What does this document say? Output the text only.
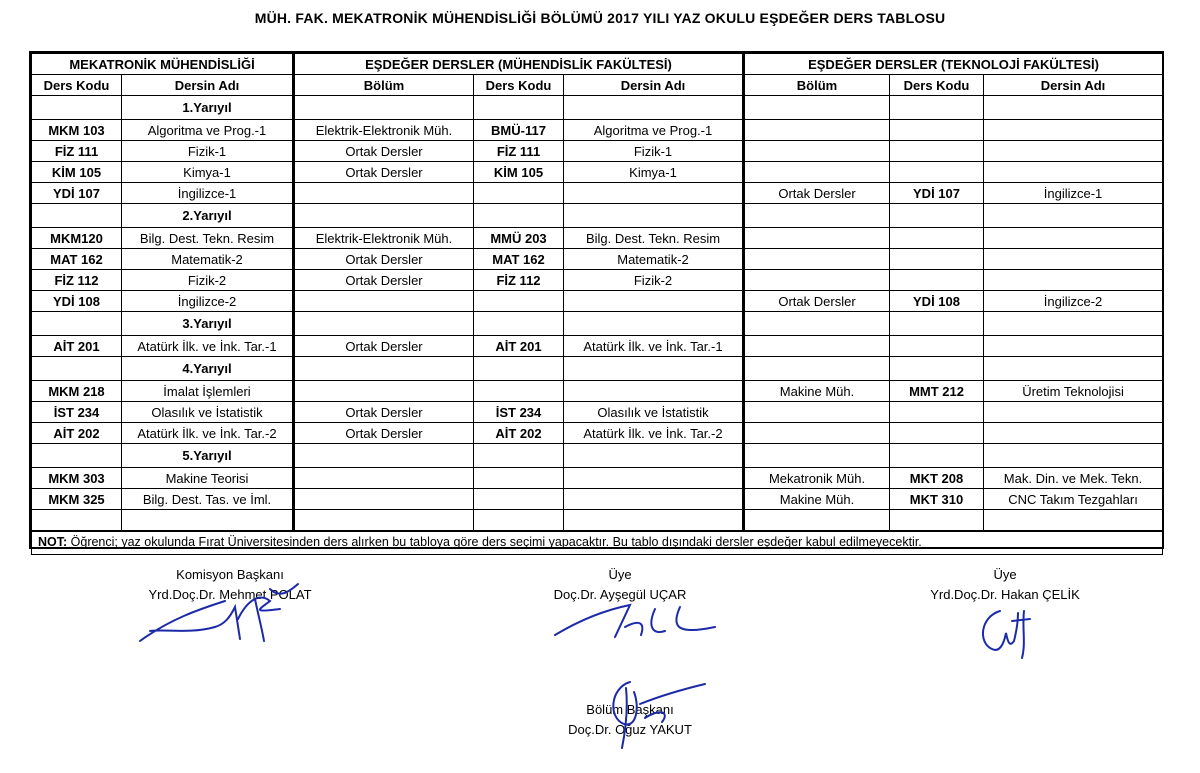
MÜH. FAK. MEKATRONİK MÜHENDİSLİĞİ BÖLÜMÜ 2017 YILI YAZ OKULU EŞDEĞER DERS TABLOSU
MEKATRONİK MÜHENDİSLİĞİ		EŞDEĞER DERSLER (MÜHENDİSLİK FAKÜLTESİ)			EŞDEĞER DERSLER (TEKNOLOJİ FAKÜLTESİ)		
Ders Kodu	Dersin Adı	Bölüm	Ders Kodu	Dersin Adı	Bölüm	Ders Kodu	Dersin Adı
	1.Yarıyıl						
MKM 103	Algoritma ve Prog.-1	Elektrik-Elektronik Müh.	BMÜ-117	Algoritma ve Prog.-1			
FİZ 111	Fizik-1	Ortak Dersler	FİZ 111	Fizik-1			
KİM 105	Kimya-1	Ortak Dersler	KİM 105	Kimya-1			
YDİ 107	İngilizce-1				Ortak Dersler	YDİ 107	İngilizce-1
	2.Yarıyıl						
MKM120	Bilg. Dest. Tekn. Resim	Elektrik-Elektronik Müh.	MMÜ 203	Bilg. Dest. Tekn. Resim			
MAT 162	Matematik-2	Ortak Dersler	MAT 162	Matematik-2			
FİZ 112	Fizik-2	Ortak Dersler	FİZ 112	Fizik-2			
YDİ 108	İngilizce-2				Ortak Dersler	YDİ 108	İngilizce-2
	3.Yarıyıl						
AİT 201	Atatürk İlk. ve İnk. Tar.-1	Ortak Dersler	AİT 201	Atatürk İlk. ve İnk. Tar.-1			
	4.Yarıyıl						
MKM 218	İmalat İşlemleri				Makine Müh.	MMT 212	Üretim Teknolojisi
İST 234	Olasılık ve İstatistik	Ortak Dersler	İST 234	Olasılık ve İstatistik			
AİT 202	Atatürk İlk. ve İnk. Tar.-2	Ortak Dersler	AİT 202	Atatürk İlk. ve İnk. Tar.-2			
	5.Yarıyıl						
MKM 303	Makine Teorisi				Mekatronik Müh.	MKT 208	Mak. Din. ve Mek. Tekn.
MKM 325	Bilg. Dest. Tas. ve İml.				Makine Müh.	MKT 310	CNC Takım Tezgahları

NOT: Öğrenci; yaz okulunda Fırat Üniversitesinden ders alırken bu tabloya göre ders seçimi yapacaktır. Bu tablo dışındaki dersler eşdeğer kabul edilmeyecektir.							
Komisyon Başkanı
Yrd.Doç.Dr. Mehmet POLAT
Üye
Doç.Dr. Ayşegül UÇAR
Üye
Yrd.Doç.Dr. Hakan ÇELİK
Bölüm Başkanı
Doç.Dr. Oğuz YAKUT
